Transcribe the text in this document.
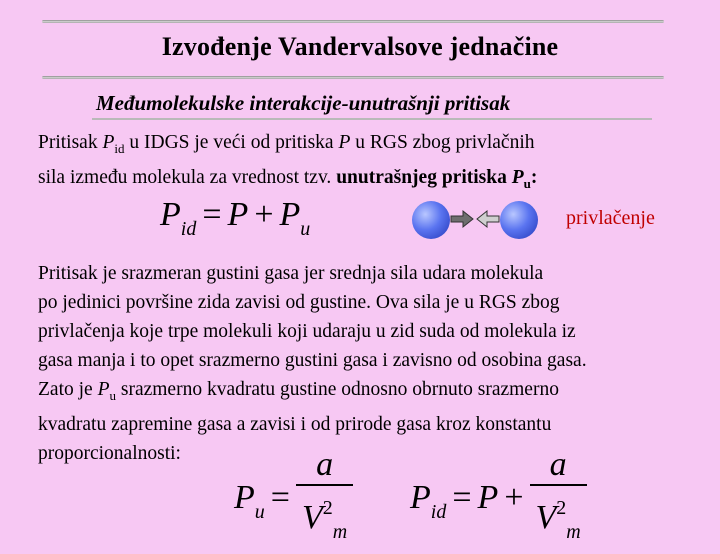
Izvođenje Vandervalsove jednačine
Međumolekulske interakcije-unutrašnji pritisak

Pritisak $P_{id}$ u IDGS je veći od pritiska P u RGS zbog privlačnih
sila između molekula za vrednost tzv. unutrašnjeg pritiska $P_u$:

$P_{id} = P + P_u$	privlačenje

Pritisak je srazmeran gustini gasa jer srednja sila udara molekula
po jedinici površine zida zavisi od gustine. Ova sila je u RGS zbog
privlačenja koje trpe molekuli koji udaraju u zid suda od molekula iz
gasa manja i to opet srazmerno gustini gasa i zavisno od osobina gasa.
Zato je $P_u$ srazmerno kvadratu gustine odnosno obrnuto srazmerno
kvadratu zapremine gasa a zavisi i od prirode gasa kroz konstantu
proporcionalnosti:

$P_u = \frac{a}{V^2_m} P_{id} = P + \frac{a}{V^2_m}$
